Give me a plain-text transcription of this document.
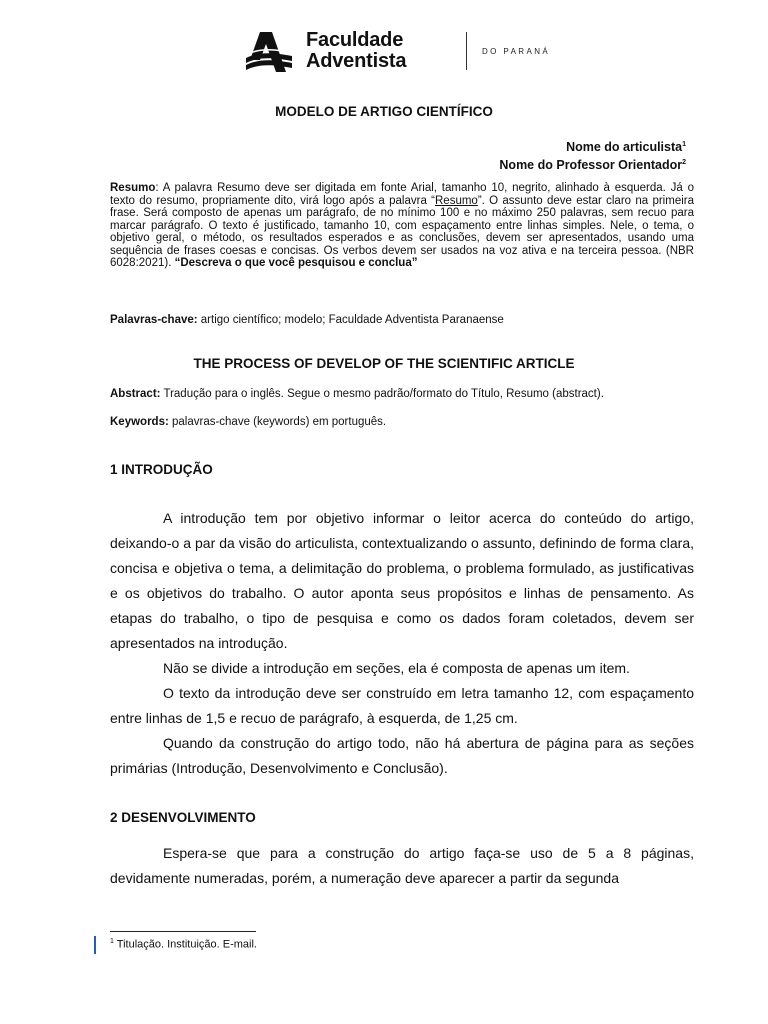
Faculdade
Adventista	DO PARANÁ
MODELO DE ARTIGO CIENTÍFICO
Nome do articulista$^1$
Nome do Professor Orientador$^2$
Resumo: A palavra Resumo deve ser digitada em fonte Arial, tamanho 10, negrito, alinhado à esquerda. Já o texto do resumo, propriamente dito, virá logo após a palavra “Resumo”. O assunto deve estar claro na primeira frase. Será composto de apenas um parágrafo, de no mínimo 100 e no máximo 250 palavras, sem recuo para marcar parágrafo. O texto é justificado, tamanho 10, com espaçamento entre linhas simples. Nele, o tema, o objetivo geral, o método, os resultados esperados e as conclusões, devem ser apresentados, usando uma sequência de frases coesas e concisas. Os verbos devem ser usados na voz ativa e na terceira pessoa. (NBR 6028:2021). “Descreva o que você pesquisou e conclua”
Palavras-chave: artigo científico; modelo; Faculdade Adventista Paranaense
THE PROCESS OF DEVELOP OF THE SCIENTIFIC ARTICLE
Abstract: Tradução para o inglês. Segue o mesmo padrão/formato do Título, Resumo (abstract).
Keywords: palavras-chave (keywords) em português.
1 INTRODUÇÃO

A introdução tem por objetivo informar o leitor acerca do conteúdo do artigo, deixando-o a par da visão do articulista, contextualizando o assunto, definindo de forma clara, concisa e objetiva o tema, a delimitação do problema, o problema formulado, as justificativas e os objetivos do trabalho. O autor aponta seus propósitos e linhas de pensamento. As etapas do trabalho, o tipo de pesquisa e como os dados foram coletados, devem ser apresentados na introdução.

Não se divide a introdução em seções, ela é composta de apenas um item.

O texto da introdução deve ser construído em letra tamanho 12, com espaçamento entre linhas de 1,5 e recuo de parágrafo, à esquerda, de 1,25 cm.

Quando da construção do artigo todo, não há abertura de página para as seções primárias (Introdução, Desenvolvimento e Conclusão).

2 DESENVOLVIMENTO

Espera-se que para a construção do artigo faça-se uso de 5 a 8 páginas, devidamente numeradas, porém, a numeração deve aparecer a partir da segunda

$^1$ Titulação. Instituição. E-mail.
